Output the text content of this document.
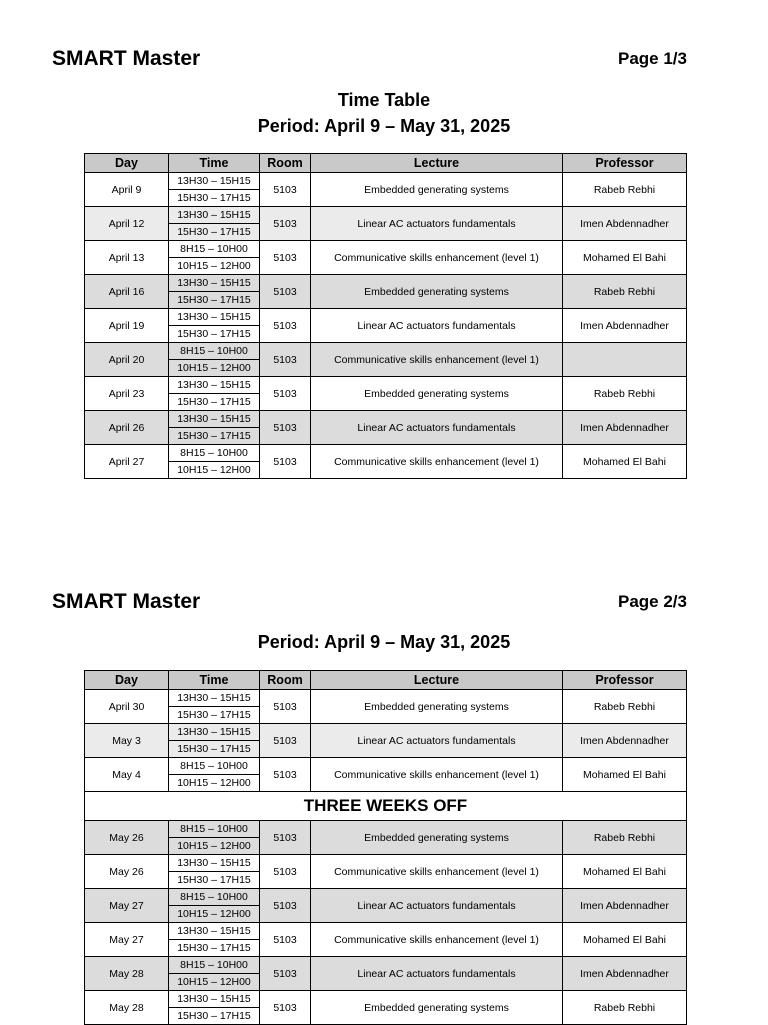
SMART Master	Page 1/3
Time Table
Period: April 9 – May 31, 2025
Day	Time	Room	Lecture	Professor
April 9	13H30 – 15H15	5103	Embedded generating systems	Rabeb Rebhi
	15H30 – 17H15			
April 12	13H30 – 15H15	5103	Linear AC actuators fundamentals	Imen Abdennadher
	15H30 – 17H15			
April 13	8H15 – 10H00	5103	Communicative skills enhancement (level 1)	Mohamed El Bahi
	10H15 – 12H00			
April 16	13H30 – 15H15	5103	Embedded generating systems	Rabeb Rebhi
	15H30 – 17H15			
April 19	13H30 – 15H15	5103	Linear AC actuators fundamentals	Imen Abdennadher
	15H30 – 17H15			
April 20	8H15 – 10H00	5103	Communicative skills enhancement (level 1)	
	10H15 – 12H00			
April 23	13H30 – 15H15	5103	Embedded generating systems	Rabeb Rebhi
	15H30 – 17H15			
April 26	13H30 – 15H15	5103	Linear AC actuators fundamentals	Imen Abdennadher
	15H30 – 17H15			
April 27	8H15 – 10H00	5103	Communicative skills enhancement (level 1)	Mohamed El Bahi
	10H15 – 12H00			
SMART Master	Page 2/3
Period: April 9 – May 31, 2025
Day	Time	Room	Lecture	Professor
April 30	13H30 – 15H15	5103	Embedded generating systems	Rabeb Rebhi
	15H30 – 17H15			
May 3	13H30 – 15H15	5103	Linear AC actuators fundamentals	Imen Abdennadher
	15H30 – 17H15			
May 4	8H15 – 10H00	5103	Communicative skills enhancement (level 1)	Mohamed El Bahi
	10H15 – 12H00			
THREE WEEKS OFF				
May 26	8H15 – 10H00	5103	Embedded generating systems	Rabeb Rebhi
	10H15 – 12H00			
May 26	13H30 – 15H15	5103	Communicative skills enhancement (level 1)	Mohamed El Bahi
	15H30 – 17H15			
May 27	8H15 – 10H00	5103	Linear AC actuators fundamentals	Imen Abdennadher
	10H15 – 12H00			
May 27	13H30 – 15H15	5103	Communicative skills enhancement (level 1)	Mohamed El Bahi
	15H30 – 17H15			
May 28	8H15 – 10H00	5103	Linear AC actuators fundamentals	Imen Abdennadher
	10H15 – 12H00			
May 28	13H30 – 15H15	5103	Embedded generating systems	Rabeb Rebhi
	15H30 – 17H15			
